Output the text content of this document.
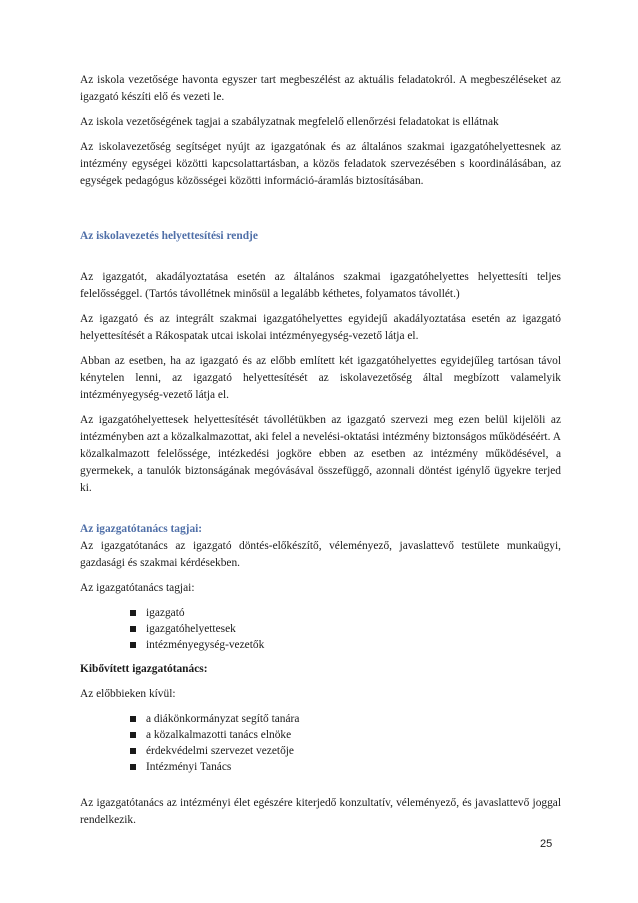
Az iskola vezetősége havonta egyszer tart megbeszélést az aktuális feladatokról. A megbeszéléseket az igazgató készíti elő és vezeti le.

Az iskola vezetőségének tagjai a szabályzatnak megfelelő ellenőrzési feladatokat is ellátnak

Az iskolavezetőség segítséget nyújt az igazgatónak és az általános szakmai igazgatóhelyettesnek az intézmény egységei közötti kapcsolattartásban, a közös feladatok szervezésében s koordinálásában, az egységek pedagógus közösségei közötti információ-áramlás biztosításában.

Az iskolavezetés helyettesítési rendje

Az igazgatót, akadályoztatása esetén az általános szakmai igazgatóhelyettes helyettesíti teljes felelősséggel. (Tartós távollétnek minősül a legalább kéthetes, folyamatos távollét.)

Az igazgató és az integrált szakmai igazgatóhelyettes egyidejű akadályoztatása esetén az igazgató helyettesítését a Rákospatak utcai iskolai intézményegység-vezető látja el.

Abban az esetben, ha az igazgató és az előbb említett két igazgatóhelyettes egyidejűleg tartósan távol kénytelen lenni, az igazgató helyettesítését az iskolavezetőség által megbízott valamelyik intézményegység-vezető látja el.

Az igazgatóhelyettesek helyettesítését távollétükben az igazgató szervezi meg ezen belül kijelöli az intézményben azt a közalkalmazottat, aki felel a nevelési-oktatási intézmény biztonságos működéséért. A közalkalmazott felelőssége, intézkedési jogköre ebben az esetben az intézmény működésével, a gyermekek, a tanulók biztonságának megóvásával összefüggő, azonnali döntést igénylő ügyekre terjed ki.

Az igazgatótanács tagjai:

Az igazgatótanács az igazgató döntés-előkészítő, véleményező, javaslattevő testülete munkaügyi, gazdasági és szakmai kérdésekben.

Az igazgatótanács tagjai:

igazgató
igazgatóhelyettesek
intézményegység-vezetők
Kibővített igazgatótanács:

Az előbbieken kívül:

a diákönkormányzat segítő tanára
a közalkalmazotti tanács elnöke
érdekvédelmi szervezet vezetője
Intézményi Tanács

Az igazgatótanács az intézményi élet egészére kiterjedő konzultatív, véleményező, és javaslattevő joggal rendelkezik.

25
